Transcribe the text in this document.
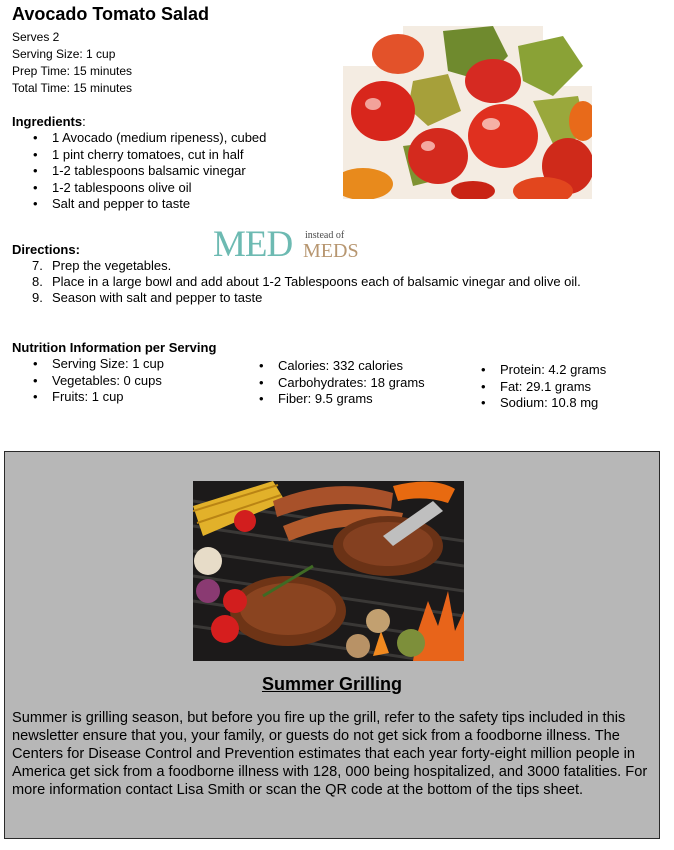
Avocado Tomato Salad
Serves 2
Serving Size: 1 cup
Prep Time: 15 minutes
Total Time: 15 minutes
Ingredients:
• 1 Avocado (medium ripeness), cubed
• 1 pint cherry tomatoes, cut in half
• 1-2 tablespoons balsamic vinegar
• 1-2 tablespoons olive oil
• Salt and pepper to taste
MED instead of
MEDS
Directions:
7. Prep the vegetables.
8. Place in a large bowl and add about 1-2 Tablespoons each of balsamic vinegar and olive oil.
9. Season with salt and pepper to taste
Nutrition Information per Serving
• Serving Size: 1 cup
• Vegetables: 0 cups
• Fruits: 1 cup
• Calories: 332 calories
• Carbohydrates: 18 grams
• Fiber: 9.5 grams
• Protein: 4.2 grams
• Fat: 29.1 grams
• Sodium: 10.8 mg
Summer Grilling
Summer is grilling season, but before you fire up the grill, refer to the safety tips included in this newsletter ensure that you, your family, or guests do not get sick from a foodborne illness. The Centers for Disease Control and Prevention estimates that each year forty-eight million people in America get sick from a foodborne illness with 128, 000 being hospitalized, and 3000 fatalities. For more information contact Lisa Smith or scan the QR code at the bottom of the tips sheet.
